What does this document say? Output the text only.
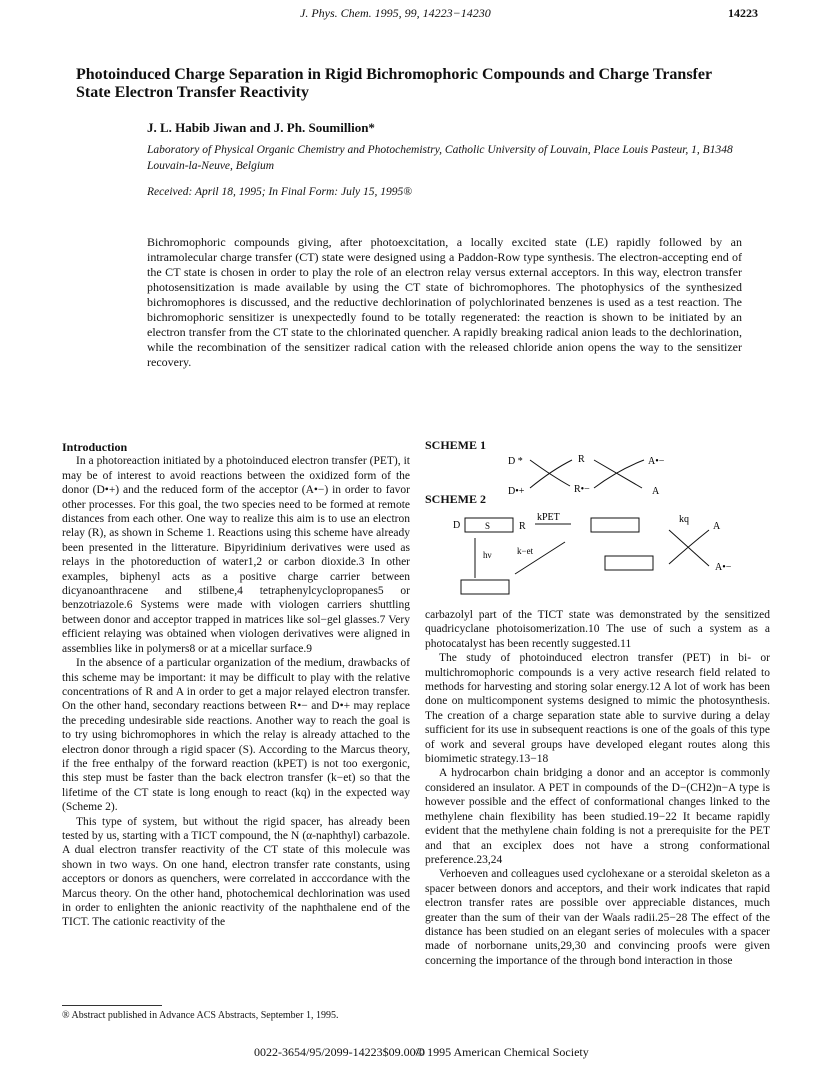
J. Phys. Chem. 1995, 99, 14223−14230	14223
Photoinduced Charge Separation in Rigid Bichromophoric Compounds and Charge Transfer State Electron Transfer Reactivity
J. L. Habib Jiwan and J. Ph. Soumillion*
Laboratory of Physical Organic Chemistry and Photochemistry, Catholic University of Louvain, Place Louis Pasteur, 1, B1348 Louvain-la-Neuve, Belgium
Received: April 18, 1995; In Final Form: July 15, 1995®

Bichromophoric compounds giving, after photoexcitation, a locally excited state (LE) rapidly followed by an intramolecular charge transfer (CT) state were designed using a Paddon-Row type synthesis. The electron-accepting end of the CT state is chosen in order to play the role of an electron relay versus external acceptors. In this way, electron transfer photosensitization is made available by using the CT state of bichromophores. The photophysics of the synthesized bichromophores is discussed, and the reductive dechlorination of polychlorinated benzenes is used as a test reaction. The bichromophoric sensitizer is unexpectedly found to be totally regenerated: the reaction is shown to be initiated by an electron transfer from the CT state to the chlorinated quencher. A rapidly breaking radical anion leads to the dechlorination, while the recombination of the sensitizer radical cation with the released chloride anion opens the way to the sensitizer recovery.

Introduction

In a photoreaction initiated by a photoinduced electron transfer (PET), it may be of interest to avoid reactions between the oxidized form of the donor (D•+) and the reduced form of the acceptor (A•−) in order to favor other processes. For this goal, the two species need to be formed at remote distances from each other. One way to realize this aim is to use an electron relay (R), as shown in Scheme 1. Reactions using this scheme have already been presented in the litterature. Bipyridinium derivatives were used as relays in the photoreduction of water1,2 or carbon dioxide.3 In other examples, biphenyl acts as a positive charge carrier between dicyanoanthracene and stilbene,4 tetraphenylcyclopropanes5 or benzotriazole.6 Systems were made with viologen carriers shuttling between donor and acceptor trapped in matrices like sol−gel glasses.7 Very efficient relaying was obtained when viologen derivatives were aligned in assemblies like in polymers8 or at a micellar surface.9

In the absence of a particular organization of the medium, drawbacks of this scheme may be important: it may be difficult to play with the relative concentrations of R and A in order to get a major relayed electron transfer. On the other hand, secondary reactions between R•− and D•+ may replace the preceding undesirable side reactions. Another way to reach the goal is to try using bichromophores in which the relay is already attached to the electron donor through a rigid spacer (S). According to the Marcus theory, if the free enthalpy of the forward reaction (kPET) is not too exergonic, this step must be faster than the back electron transfer (k−et) so that the lifetime of the CT state is long enough to react (kq) in the expected way (Scheme 2).

This type of system, but without the rigid spacer, has already been tested by us, starting with a TICT compound, the N (α-naphthyl) carbazole. A dual electron transfer reactivity of the CT state of this molecule was shown in two ways. On one hand, electron transfer rate constants, using acceptors or donors as quenchers, were correlated in acccordance with the Marcus theory. On the other hand, photochemical dechlorination was used in order to enlighten the anionic reactivity of the naphthalene end of the TICT. The cationic reactivity of the

SCHEME 1
D *	R	A•−
D•+	R•−	A
SCHEME 2
D	S	R
kPET	kq
A
hν	k−et
A•−

carbazolyl part of the TICT state was demonstrated by the sensitized quadricyclane photoisomerization.10 The use of such a system as a photocatalyst has been recently suggested.11

The study of photoinduced electron transfer (PET) in bi- or multichromophoric compounds is a very active research field related to methods for harvesting and storing solar energy.12 A lot of work has been done on multicomponent systems designed to mimic the photosynthesis. The creation of a charge separation state able to survive during a delay sufficient for its use in subsequent reactions is one of the goals of this type of work and several groups have developed elegant routes along this biomimetic strategy.13−18

A hydrocarbon chain bridging a donor and an acceptor is commonly considered an insulator. A PET in compounds of the D−(CH2)n−A type is however possible and the effect of conformational changes linked to the methylene chain flexibility has been studied.19−22 It became rapidly evident that the methylene chain folding is not a prerequisite for the PET and that an exciplex does not have a strong conformational preference.23,24

Verhoeven and colleagues used cyclohexane or a steroidal skeleton as a spacer between donors and acceptors, and their work indicates that rapid electron transfer rates are possible over appreciable distances, much greater than the sum of their van der Waals radii.25−28 The effect of the distance has been studied on an elegant series of molecules with a spacer made of norbornane units,29,30 and convincing proofs were given concerning the importance of the through bond interaction in those

® Abstract published in Advance ACS Abstracts, September 1, 1995.
0022-3654/95/2099-14223$09.00/0
© 1995 American Chemical Society
